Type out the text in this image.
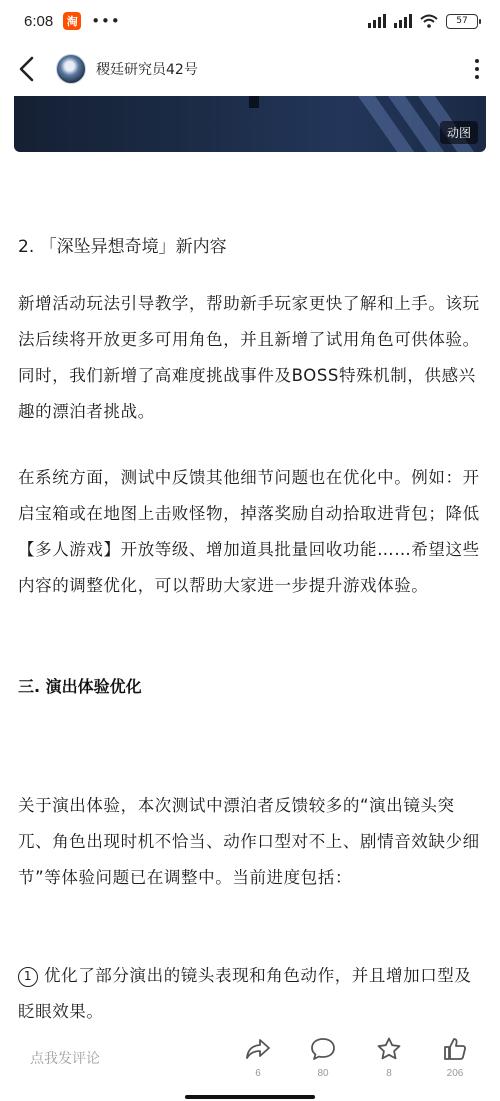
6:08	淘 •••	57
稷廷研究员42号
动图
2. 「深坠异想奇境」新内容
新增活动玩法引导教学，帮助新手玩家更快了解和上手。该玩法后续将开放更多可用角色，并且新增了试用角色可供体验。同时，我们新增了高难度挑战事件及BOSS特殊机制，供感兴趣的漂泊者挑战。
在系统方面，测试中反馈其他细节问题也在优化中。例如：开启宝箱或在地图上击败怪物，掉落奖励自动拾取进背包；降低【多人游戏】开放等级、增加道具批量回收功能……希望这些内容的调整优化，可以帮助大家进一步提升游戏体验。
三. 演出体验优化
关于演出体验，本次测试中漂泊者反馈较多的“演出镜头突兀、角色出现时机不恰当、动作口型对不上、剧情音效缺少细节”等体验问题已在调整中。当前进度包括：
1 优化了部分演出的镜头表现和角色动作，并且增加口型及眨眼效果。
点我发评论
6	80	8	206
